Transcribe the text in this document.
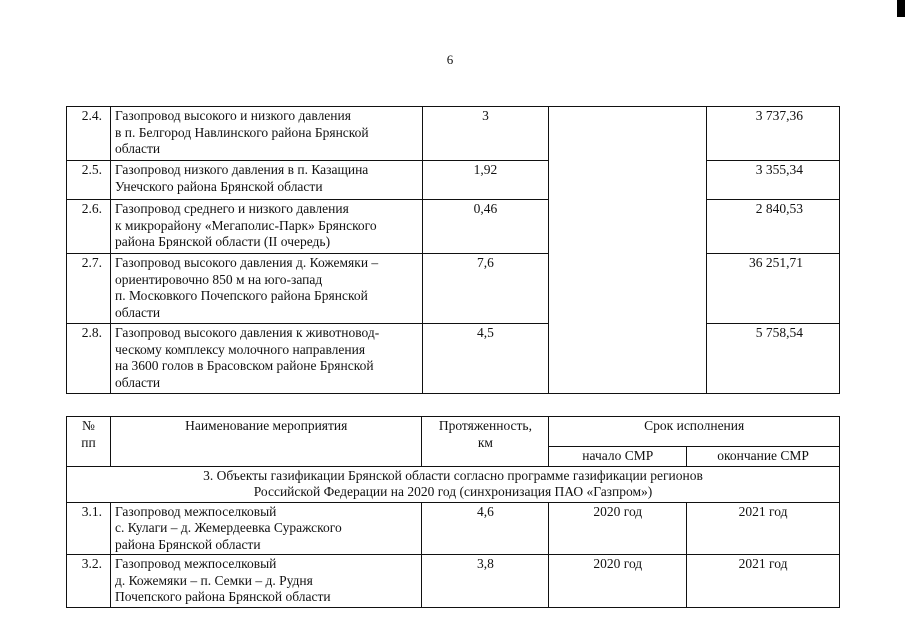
6
2.4.	Газопровод высокого и низкого давления
в п. Белгород Навлинского района Брянской
области	3		3 737,36
2.5.	Газопровод низкого давления в п. Казащина
Унечского района Брянской области	1,92		3 355,34
2.6.	Газопровод среднего и низкого давления
к микрорайону «Мегаполис-Парк» Брянского
района Брянской области (II очередь)	0,46		2 840,53
2.7.	Газопровод высокого давления д. Кожемяки –
ориентировочно 850 м на юго-запад
п. Московкого Почепского района Брянской
области	7,6		36 251,71
2.8.	Газопровод высокого давления к животновод-
ческому комплексу молочного направления
на 3600 голов в Брасовском районе Брянской
области	4,5		5 758,54
№
пп	Наименование мероприятия	Протяженность,
км	Срок исполнения	
			начало СМР	окончание СМР
3. Объекты газификации Брянской области согласно программе газификации регионов
Российской Федерации на 2020 год (синхронизация ПАО «Газпром»)				
3.1.	Газопровод межпоселковый
с. Кулаги – д. Жемердеевка Суражского
района Брянской области	4,6	2020 год	2021 год
3.2.	Газопровод межпоселковый
д. Кожемяки – п. Семки – д. Рудня
Почепского района Брянской области	3,8	2020 год	2021 год
